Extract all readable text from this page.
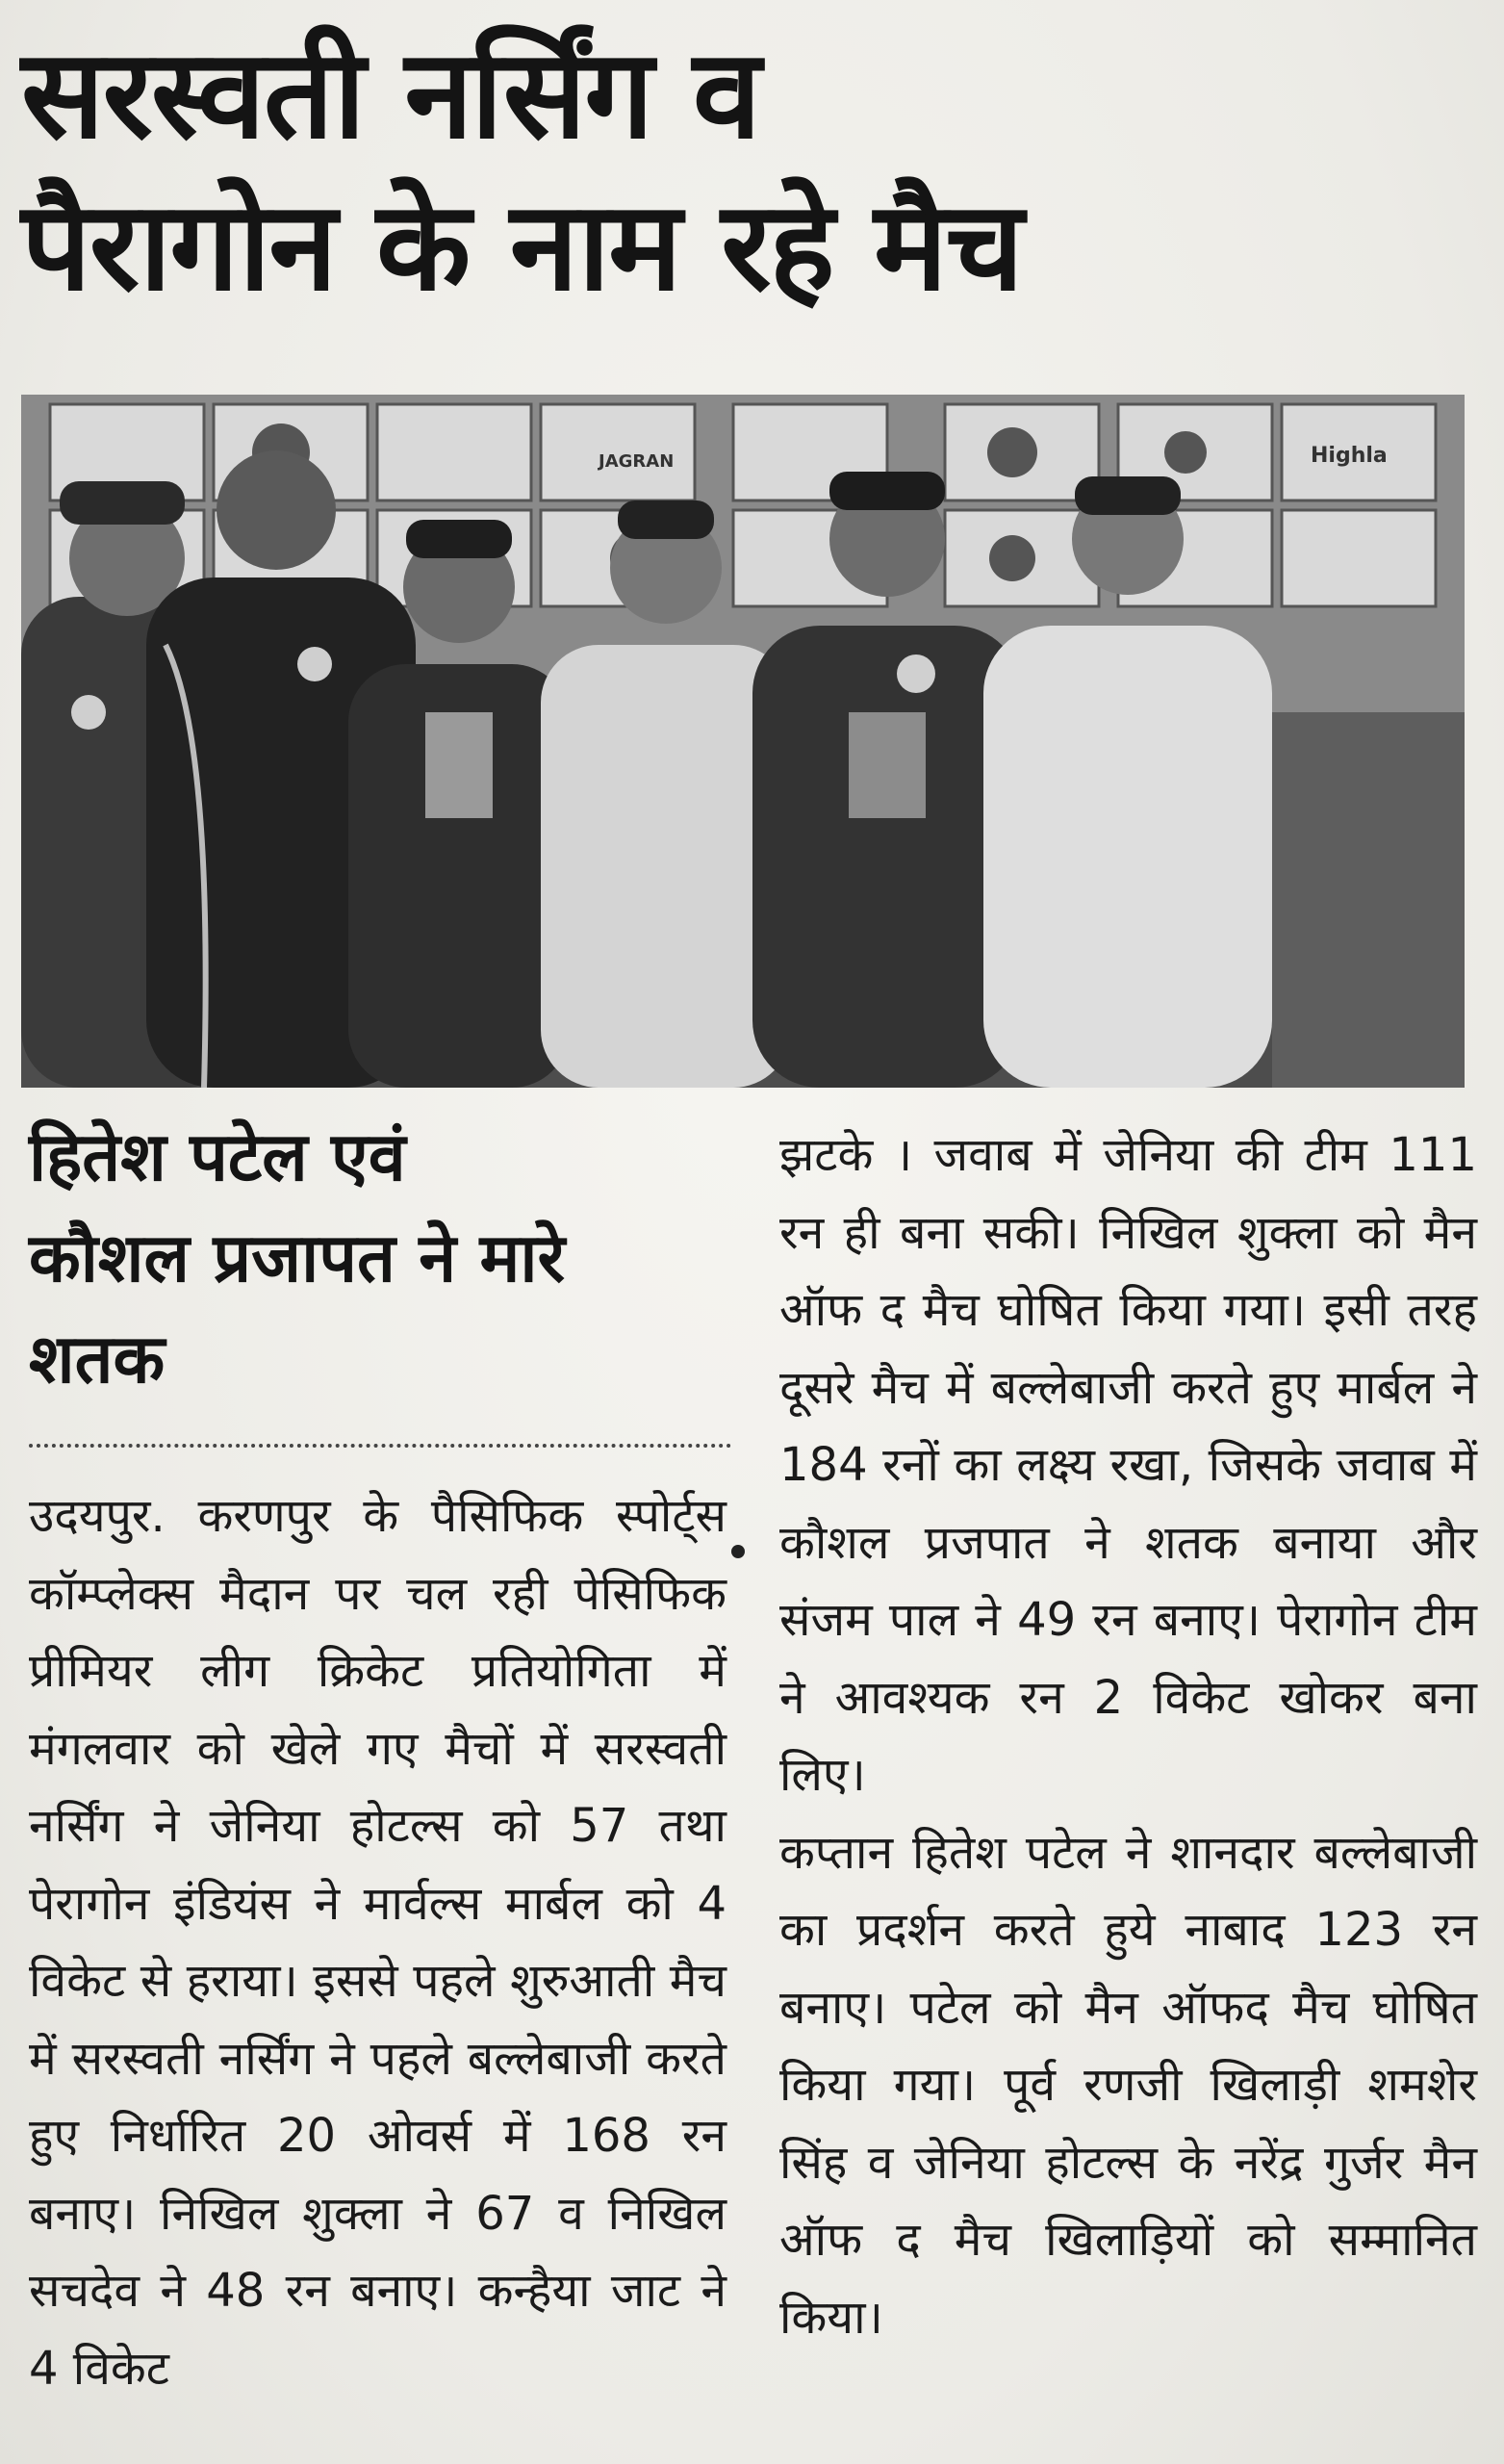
सरस्वती नर्सिंग व
पैरागोन के नाम रहे मैच
JAGRAN	Highla
हितेश पटेल एवं
कौशल प्रजापत ने मारे
शतक

उदयपुर. करणपुर के पैसिफिक स्पोर्ट्स कॉम्प्लेक्स मैदान पर चल रही पेसिफिक प्रीमियर लीग क्रिकेट प्रतियोगिता में मंगलवार को खेले गए मैचों में सरस्वती नर्सिंग ने जेनिया होटल्स को 57 तथा पेरागोन इंडियंस ने मार्वल्स मार्बल को 4 विकेट से हराया। इससे पहले शुरुआती मैच में सरस्वती नर्सिंग ने पहले बल्लेबाजी करते हुए निर्धारित 20 ओवर्स में 168 रन बनाए। निखिल शुक्ला ने 67 व निखिल सचदेव ने 48 रन बनाए। कन्हैया जाट ने 4 विकेट

झटके । जवाब में जेनिया की टीम 111 रन ही बना सकी। निखिल शुक्ला को मैन ऑफ द मैच घोषित किया गया। इसी तरह दूसरे मैच में बल्लेबाजी करते हुए मार्बल ने 184 रनों का लक्ष्य रखा, जिसके जवाब में कौशल प्रजपात ने शतक बनाया और संजम पाल ने 49 रन बनाए। पेरागोन टीम ने आवश्यक रन 2 विकेट खोकर बना लिए।

कप्तान हितेश पटेल ने शानदार बल्लेबाजी का प्रदर्शन करते हुये नाबाद 123 रन बनाए। पटेल को मैन ऑफद मैच घोषित किया गया। पूर्व रणजी खिलाड़ी शमशेर सिंह व जेनिया होटल्स के नरेंद्र गुर्जर मैन ऑफ द मैच खिलाड़ियों को सम्मानित किया।
